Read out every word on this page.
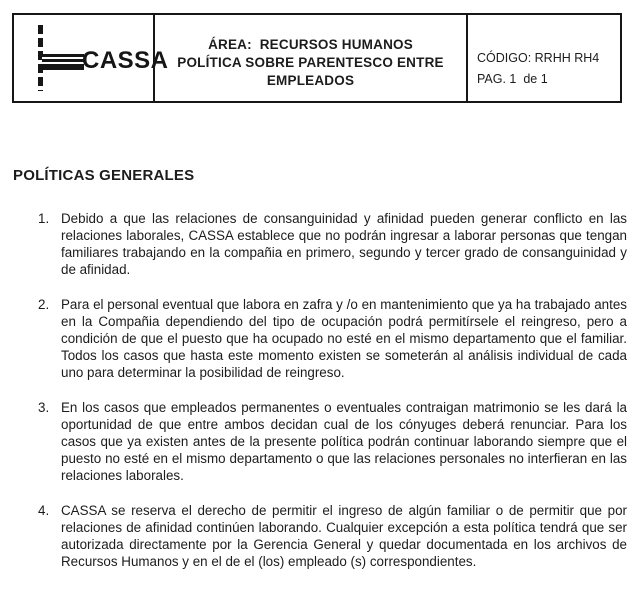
CASSA
ÁREA:  RECURSOS HUMANOS
POLÍTICA SOBRE PARENTESCO ENTRE
EMPLEADOS
CÓDIGO: RRHH RH4
PAG. 1  de 1
POLÍTICAS GENERALES
1. Debido a que las relaciones de consanguinidad y afinidad pueden generar conflicto en las relaciones laborales, CASSA establece que no podrán ingresar a laborar personas que tengan familiares trabajando en la compañia en primero, segundo y tercer grado de consanguinidad y de afinidad.
2. Para el personal eventual que labora en zafra y /o en mantenimiento que ya ha trabajado antes en la Compañia dependiendo del tipo de ocupación podrá permitírsele el reingreso, pero a condición de que el puesto que ha ocupado no esté en el mismo departamento que el familiar. Todos los casos que hasta este momento existen se someterán al análisis individual de cada uno para determinar la posibilidad de reingreso.
3. En los casos que empleados permanentes o eventuales contraigan matrimonio se les dará la oportunidad de que entre ambos decidan cual de los cónyuges deberá renunciar. Para los casos que ya existen antes de la presente política podrán continuar laborando siempre que el puesto no esté en el mismo departamento o que las relaciones personales no interfieran en las relaciones laborales.
4. CASSA se reserva el derecho de permitir el ingreso de algún familiar o de permitir que por relaciones de afinidad continúen laborando. Cualquier excepción a esta política tendrá que ser autorizada directamente por la Gerencia General y quedar documentada en los archivos de Recursos Humanos y en el de el (los) empleado (s) correspondientes.
